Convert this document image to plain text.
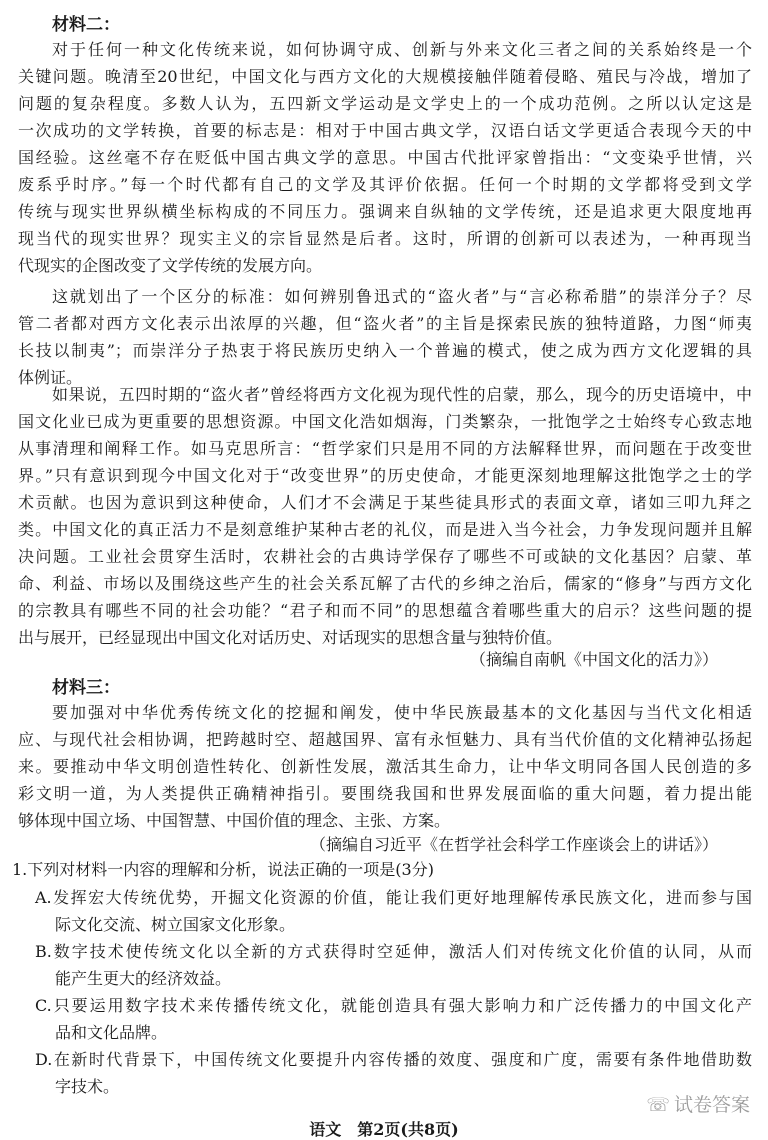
材料二：
对于任何一种文化传统来说，如何协调守成、创新与外来文化三者之间的关系始终是一个
关键问题。晚清至20世纪，中国文化与西方文化的大规模接触伴随着侵略、殖民与冷战，增加了
问题的复杂程度。多数人认为，五四新文学运动是文学史上的一个成功范例。之所以认定这是
一次成功的文学转换，首要的标志是：相对于中国古典文学，汉语白话文学更适合表现今天的中
国经验。这丝毫不存在贬低中国古典文学的意思。中国古代批评家曾指出：“文变染乎世情，兴
废系乎时序。”每一个时代都有自己的文学及其评价依据。任何一个时期的文学都将受到文学
传统与现实世界纵横坐标构成的不同压力。强调来自纵轴的文学传统，还是追求更大限度地再
现当代的现实世界？现实主义的宗旨显然是后者。这时，所谓的创新可以表述为，一种再现当
代现实的企图改变了文学传统的发展方向。
这就划出了一个区分的标准：如何辨别鲁迅式的“盗火者”与“言必称希腊”的崇洋分子？尽
管二者都对西方文化表示出浓厚的兴趣，但“盗火者”的主旨是探索民族的独特道路，力图“师夷
长技以制夷”；而崇洋分子热衷于将民族历史纳入一个普遍的模式，使之成为西方文化逻辑的具
体例证。
如果说，五四时期的“盗火者”曾经将西方文化视为现代性的启蒙，那么，现今的历史语境中，中
国文化业已成为更重要的思想资源。中国文化浩如烟海，门类繁杂，一批饱学之士始终专心致志地
从事清理和阐释工作。如马克思所言：“哲学家们只是用不同的方法解释世界，而问题在于改变世
界。”只有意识到现今中国文化对于“改变世界”的历史使命，才能更深刻地理解这批饱学之士的学
术贡献。也因为意识到这种使命，人们才不会满足于某些徒具形式的表面文章，诸如三叩九拜之
类。中国文化的真正活力不是刻意维护某种古老的礼仪，而是进入当今社会，力争发现问题并且解
决问题。工业社会贯穿生活时，农耕社会的古典诗学保存了哪些不可或缺的文化基因？启蒙、革
命、利益、市场以及围绕这些产生的社会关系瓦解了古代的乡绅之治后，儒家的“修身”与西方文化
的宗教具有哪些不同的社会功能？“君子和而不同”的思想蕴含着哪些重大的启示？这些问题的提
出与展开，已经显现出中国文化对话历史、对话现实的思想含量与独特价值。
（摘编自南帆《中国文化的活力》）
材料三：
要加强对中华优秀传统文化的挖掘和阐发，使中华民族最基本的文化基因与当代文化相适
应、与现代社会相协调，把跨越时空、超越国界、富有永恒魅力、具有当代价值的文化精神弘扬起
来。要推动中华文明创造性转化、创新性发展，激活其生命力，让中华文明同各国人民创造的多
彩文明一道，为人类提供正确精神指引。要围绕我国和世界发展面临的重大问题，着力提出能
够体现中国立场、中国智慧、中国价值的理念、主张、方案。
（摘编自习近平《在哲学社会科学工作座谈会上的讲话》）
1.下列对材料一内容的理解和分析，说法正确的一项是(3分)
A.发挥宏大传统优势，开掘文化资源的价值，能让我们更好地理解传承民族文化，进而参与国
际文化交流、树立国家文化形象。
B.数字技术使传统文化以全新的方式获得时空延伸，激活人们对传统文化价值的认同，从而
能产生更大的经济效益。
C.只要运用数字技术来传播传统文化，就能创造具有强大影响力和广泛传播力的中国文化产
品和文化品牌。
D.在新时代背景下，中国传统文化要提升内容传播的效度、强度和广度，需要有条件地借助数
字技术。
☏ 试卷答案
语文　第2页(共8页)
